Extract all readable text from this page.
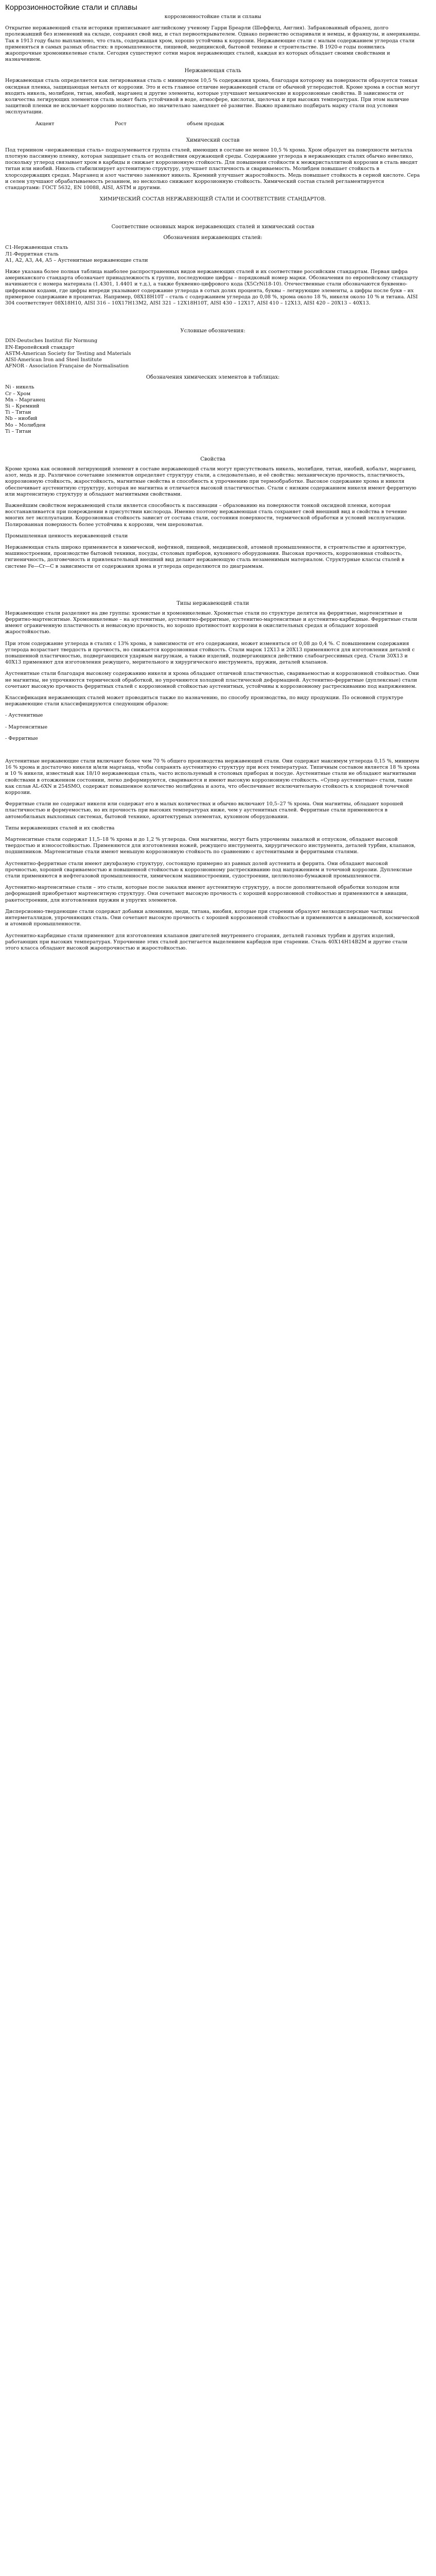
Коррозионностойкие стали и сплавы
коррозионностойкие стали и сплавы

Открытие нержавеющей стали историки приписывают английскому ученому Гарри Бреарли (Шеффилд, Англия). Забракованный образец, долго пролежавший без изменений на складе, сохранил свой вид, и стал первооткрывателем. Однако первенство оспаривали и немцы, и французы, и американцы. Так в 1913 году было выплавлено, что сталь, содержащая хром, хорошо устойчива к коррозии. Нержавеющие стали с малым содержанием углерода стали применяться в самых разных областях: в промышленности, пищевой, медицинской, бытовой технике и строительстве. В 1920-е годы появились жаропрочные хромоникелевые стали. Сегодня существуют сотни марок нержавеющих сталей, каждая из которых обладает своими свойствами и назначением.

Нержавеющая сталь

Нержавеющая сталь определяется как легированная сталь с минимумом 10,5 % содержания хрома, благодаря которому на поверхности образуется тонкая оксидная пленка, защищающая металл от коррозии. Это и есть главное отличие нержавеющей стали от обычной углеродистой. Кроме хрома в состав могут входить никель, молибден, титан, ниобий, марганец и другие элементы, которые улучшают механические и коррозионные свойства. В зависимости от количества легирующих элементов сталь может быть устойчивой в воде, атмосфере, кислотах, щелочах и при высоких температурах. При этом наличие защитной пленки не исключает коррозию полностью, но значительно замедляет её развитие. Важно правильно подбирать марку стали под условия эксплуатации.

Акцент	Рост	объем продаж
Химический состав

Под термином «нержавеющая сталь» подразумевается группа сталей, имеющих в составе не менее 10,5 % хрома. Хром образует на поверхности металла плотную пассивную пленку, которая защищает сталь от воздействия окружающей среды. Содержание углерода в нержавеющих сталях обычно невелико, поскольку углерод связывает хром в карбиды и снижает коррозионную стойкость. Для повышения стойкости к межкристаллитной коррозии в сталь вводят титан или ниобий. Никель стабилизирует аустенитную структуру, улучшает пластичность и свариваемость. Молибден повышает стойкость в хлорсодержащих средах. Марганец и азот частично заменяют никель. Кремний улучшает жаростойкость. Медь повышает стойкость в серной кислоте. Сера и селен улучшают обрабатываемость резанием, но несколько снижают коррозионную стойкость. Химический состав сталей регламентируется стандартами: ГОСТ 5632, EN 10088, AISI, ASTM и другими.

ХИМИЧЕСКИЙ СОСТАВ НЕРЖАВЕЮЩЕЙ СТАЛИ И СООТВЕТСТВИЕ СТАНДАРТОВ.

Соответствие основных марок нержавеющих сталей и химический состав
Обозначения нержавеющих сталей:
С1-Нержавеющая сталь
Л1-Ферритная сталь
А1, А2, А3, А4, А5 – Аустенитные нержавеющие стали

Ниже указана более полная таблица наиболее распространенных видов нержавеющих сталей и их соответствие российским стандартам. Первая цифра американского стандарта обозначает принадлежность к группе, последующие цифры – порядковый номер марки. Обозначения по европейскому стандарту начинаются с номера материала (1.4301, 1.4401 и т.д.), а также буквенно-цифрового кода (X5CrNi18-10). Отечественные стали обозначаются буквенно-цифровыми кодами, где цифры впереди указывают содержание углерода в сотых долях процента, буквы – легирующие элементы, а цифры после букв – их примерное содержание в процентах. Например, 08Х18Н10Т – сталь с содержанием углерода до 0,08 %, хрома около 18 %, никеля около 10 % и титана. AISI 304 соответствует 08Х18Н10, AISI 316 – 10Х17Н13М2, AISI 321 – 12Х18Н10Т, AISI 430 – 12Х17, AISI 410 – 12Х13, AISI 420 – 20Х13 – 40Х13.

Условные обозначения:
DIN-Deutsches Institut für Normung
EN-Европейский стандарт
ASTM-American Society for Testing and Materials
AISI-American Iron and Steel Institute
AFNOR - Association Française de Normalisation
Обозначения химических элементов в таблицах:
Ni - никель
Cr – Хром
Mn – Марганец
Si – Кремний
Ti – Титан
Nb – ниобий
Mo – Молибден
Ti – Титан
Свойства

Кроме хрома как основной легирующий элемент в составе нержавеющей стали могут присутствовать никель, молибден, титан, ниобий, кобальт, марганец, азот, медь и др. Различное сочетание элементов определяет структуру стали, а следовательно, и её свойства: механическую прочность, пластичность, коррозионную стойкость, жаростойкость, магнитные свойства и способность к упрочнению при термообработке. Высокое содержание хрома и никеля обеспечивает аустенитную структуру, которая не магнитна и отличается высокой пластичностью. Стали с низким содержанием никеля имеют ферритную или мартенситную структуру и обладают магнитными свойствами.

Важнейшим свойством нержавеющей стали является способность к пассивации – образованию на поверхности тонкой оксидной пленки, которая восстанавливается при повреждении в присутствии кислорода. Именно поэтому нержавеющая сталь сохраняет свой внешний вид и свойства в течение многих лет эксплуатации. Коррозионная стойкость зависит от состава стали, состояния поверхности, термической обработки и условий эксплуатации. Полированная поверхность более устойчива к коррозии, чем шероховатая.

Промышленная ценность нержавеющей стали

Нержавеющая сталь широко применяется в химической, нефтяной, пищевой, медицинской, атомной промышленности, в строительстве и архитектуре, машиностроении, производстве бытовой техники, посуды, столовых приборов, кухонного оборудования. Высокая прочность, коррозионная стойкость, гигиеничность, долговечность и привлекательный внешний вид делают нержавеющую сталь незаменимым материалом. Структурные классы сталей в системе Fe—Cr—C в зависимости от содержания хрома и углерода определяются по диаграммам.

Типы нержавеющей стали

Нержавеющие стали разделяют на две группы: хромистые и хромоникелевые. Хромистые стали по структуре делятся на ферритные, мартенситные и ферритно-мартенситные. Хромоникелевые – на аустенитные, аустенитно-ферритные, аустенитно-мартенситные и аустенитно-карбидные. Ферритные стали имеют ограниченную пластичность и невысокую прочность, но хорошо противостоят коррозии в окислительных средах и обладают хорошей жаростойкостью.

При этом содержание углерода в сталях с 13% хрома, в зависимости от его содержания, может изменяться от 0,08 до 0,4 %. С повышением содержания углерода возрастает твердость и прочность, но снижается коррозионная стойкость. Стали марок 12Х13 и 20Х13 применяются для изготовления деталей с повышенной пластичностью, подвергающихся ударным нагрузкам, а также изделий, подвергающихся действию слабоагрессивных сред. Стали 30Х13 и 40Х13 применяют для изготовления режущего, мерительного и хирургического инструмента, пружин, деталей клапанов.

Аустенитные стали благодаря высокому содержанию никеля и хрома обладают отличной пластичностью, свариваемостью и коррозионной стойкостью. Они не магнитны, не упрочняются термической обработкой, но упрочняются холодной пластической деформацией. Аустенитно-ферритные (дуплексные) стали сочетают высокую прочность ферритных сталей с коррозионной стойкостью аустенитных, устойчивы к коррозионному растрескиванию под напряжением.

Классификация нержавеющих сталей может проводиться также по назначению, по способу производства, по виду продукции. По основной структуре нержавеющие стали классифицируются следующим образом:

- Аустенитные
- Мартенситные
- Ферритные

Аустенитные нержавеющие стали включают более чем 70 % общего производства нержавеющей стали. Они содержат максимум углерода 0,15 %, минимум 16 % хрома и достаточно никеля и/или марганца, чтобы сохранять аустенитную структуру при всех температурах. Типичным составом является 18 % хрома и 10 % никеля, известный как 18/10 нержавеющая сталь, часто используемый в столовых приборах и посуде. Аустенитные стали не обладают магнитными свойствами в отожженном состоянии, легко деформируются, свариваются и имеют высокую коррозионную стойкость. «Супер аустенитные» стали, такие как сплав AL-6XN и 254SMO, содержат повышенное количество молибдена и азота, что обеспечивает исключительную стойкость к хлоридной точечной коррозии.

Ферритные стали не содержат никеля или содержат его в малых количествах и обычно включают 10,5–27 % хрома. Они магнитны, обладают хорошей пластичностью и формуемостью, но их прочность при высоких температурах ниже, чем у аустенитных сталей. Ферритные стали применяются в автомобильных выхлопных системах, бытовой технике, архитектурных элементах, кухонном оборудовании.

Типы нержавеющих сталей и их свойства

Мартенситные стали содержат 11,5–18 % хрома и до 1,2 % углерода. Они магнитны, могут быть упрочнены закалкой и отпуском, обладают высокой твердостью и износостойкостью. Применяются для изготовления ножей, режущего инструмента, хирургического инструмента, деталей турбин, клапанов, подшипников. Мартенситные стали имеют меньшую коррозионную стойкость по сравнению с аустенитными и ферритными сталями.

Аустенитно-ферритные стали имеют двухфазную структуру, состоящую примерно из равных долей аустенита и феррита. Они обладают высокой прочностью, хорошей свариваемостью и повышенной стойкостью к коррозионному растрескиванию под напряжением и точечной коррозии. Дуплексные стали применяются в нефтегазовой промышленности, химическом машиностроении, судостроении, целлюлозно-бумажной промышленности.

Аустенитно-мартенситные стали – это стали, которые после закалки имеют аустенитную структуру, а после дополнительной обработки холодом или деформацией приобретают мартенситную структуру. Они сочетают высокую прочность с хорошей коррозионной стойкостью и применяются в авиации, ракетостроении, для изготовления пружин и упругих элементов.

Дисперсионно-твердеющие стали содержат добавки алюминия, меди, титана, ниобия, которые при старении образуют мелкодисперсные частицы интерметаллидов, упрочняющих сталь. Они сочетают высокую прочность с хорошей коррозионной стойкостью и применяются в авиационной, космической и атомной промышленности.

Аустенитно-карбидные стали применяют для изготовления клапанов двигателей внутреннего сгорания, деталей газовых турбин и других изделий, работающих при высоких температурах. Упрочнение этих сталей достигается выделением карбидов при старении. Сталь 40Х14Н14В2М и другие стали этого класса обладают высокой жаропрочностью и жаростойкостью.
